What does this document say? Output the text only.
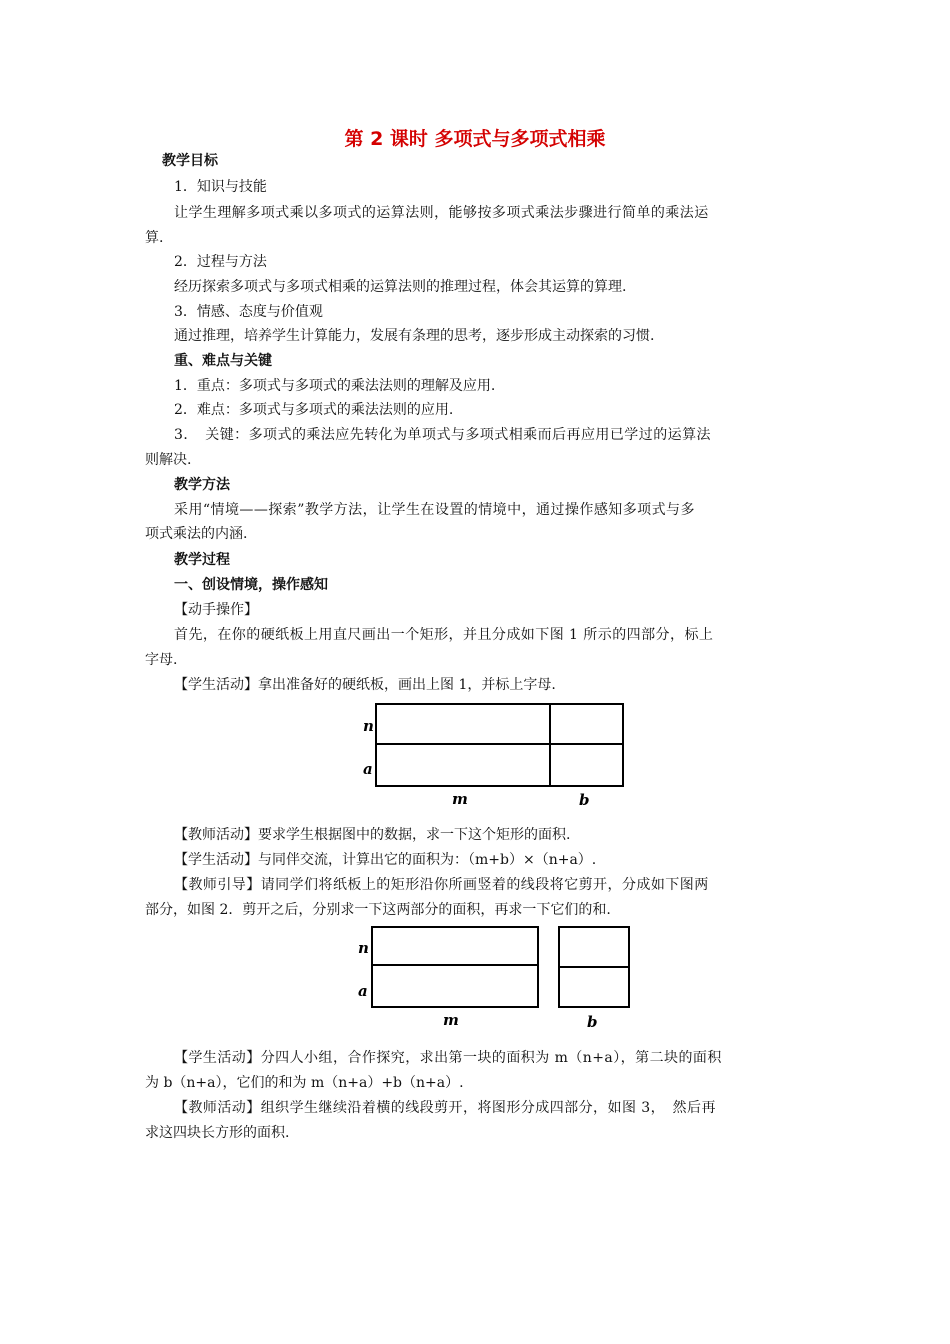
第 2 课时 多项式与多项式相乘
教学目标
1．知识与技能
让学生理解多项式乘以多项式的运算法则，能够按多项式乘法步骤进行简单的乘法运
算.
2．过程与方法
经历探索多项式与多项式相乘的运算法则的推理过程，体会其运算的算理.
3．情感、态度与价值观
通过推理，培养学生计算能力，发展有条理的思考，逐步形成主动探索的习惯.
重、难点与关键
1．重点：多项式与多项式的乘法法则的理解及应用.
2．难点：多项式与多项式的乘法法则的应用.
3．　关键：多项式的乘法应先转化为单项式与多项式相乘而后再应用已学过的运算法
则解决.
教学方法
采用“情境——探索”教学方法，让学生在设置的情境中，通过操作感知多项式与多
项式乘法的内涵.
教学过程
一、创设情境，操作感知
【动手操作】
首先，在你的硬纸板上用直尺画出一个矩形，并且分成如下图 1 所示的四部分，标上
字母.
【学生活动】拿出准备好的硬纸板，画出上图 1，并标上字母.
n
a
m	b
【教师活动】要求学生根据图中的数据，求一下这个矩形的面积.
【学生活动】与同伴交流，计算出它的面积为：（m+b）×（n+a）.
【教师引导】请同学们将纸板上的矩形沿你所画竖着的线段将它剪开，分成如下图两
部分，如图 2．剪开之后，分别求一下这两部分的面积，再求一下它们的和.
n
a
m	b
【学生活动】分四人小组，合作探究，求出第一块的面积为 m（n+a），第二块的面积
为 b（n+a），它们的和为 m（n+a）+b（n+a）.
【教师活动】组织学生继续沿着横的线段剪开，将图形分成四部分，如图 3，　然后再
求这四块长方形的面积.
